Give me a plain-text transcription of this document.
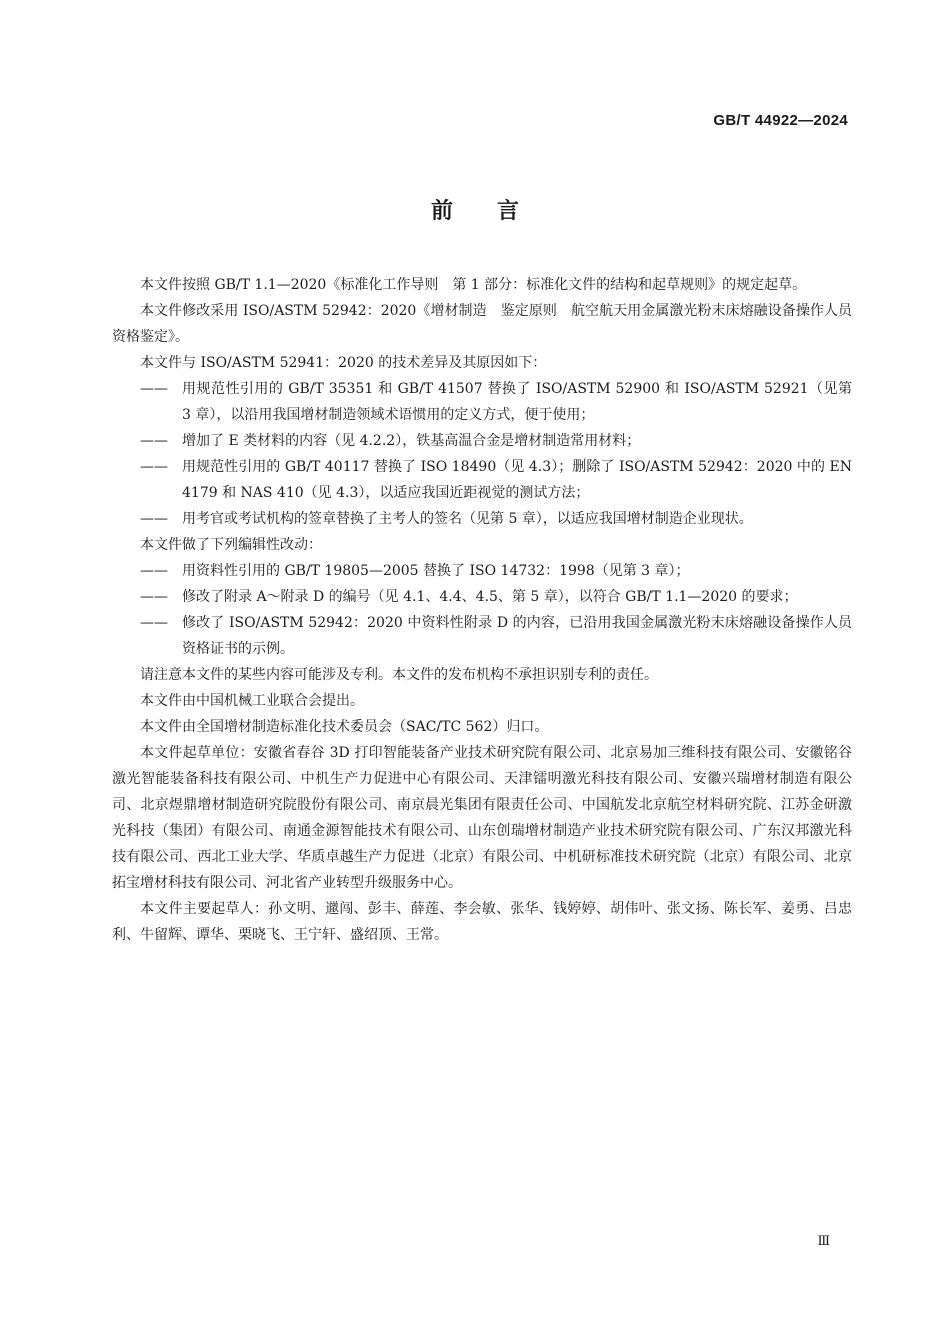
GB/T 44922—2024
前言

本文件按照 GB/T 1.1—2020《标准化工作导则　第 1 部分：标准化文件的结构和起草规则》的规定起草。

本文件修改采用 ISO/ASTM 52942：2020《增材制造　鉴定原则　航空航天用金属激光粉末床熔融设备操作人员资格鉴定》。

本文件与 ISO/ASTM 52941：2020 的技术差异及其原因如下：

——	用规范性引用的 GB/T 35351 和 GB/T 41507 替换了 ISO/ASTM 52900 和 ISO/ASTM 52921（见第 3 章），以沿用我国增材制造领域术语惯用的定义方式，便于使用；
——	增加了 E 类材料的内容（见 4.2.2），铁基高温合金是增材制造常用材料；
——	用规范性引用的 GB/T 40117 替换了 ISO 18490（见 4.3）；删除了 ISO/ASTM 52942：2020 中的 EN 4179 和 NAS 410（见 4.3），以适应我国近距视觉的测试方法；
——	用考官或考试机构的签章替换了主考人的签名（见第 5 章），以适应我国增材制造企业现状。

本文件做了下列编辑性改动：

——	用资料性引用的 GB/T 19805—2005 替换了 ISO 14732：1998（见第 3 章）；
——	修改了附录 A～附录 D 的编号（见 4.1、4.4、4.5、第 5 章），以符合 GB/T 1.1—2020 的要求；
——	修改了 ISO/ASTM 52942：2020 中资料性附录 D 的内容，已沿用我国金属激光粉末床熔融设备操作人员资格证书的示例。

请注意本文件的某些内容可能涉及专利。本文件的发布机构不承担识别专利的责任。

本文件由中国机械工业联合会提出。

本文件由全国增材制造标准化技术委员会（SAC/TC 562）归口。

本文件起草单位：安徽省春谷 3D 打印智能装备产业技术研究院有限公司、北京易加三维科技有限公司、安徽铭谷激光智能装备科技有限公司、中机生产力促进中心有限公司、天津镭明激光科技有限公司、安徽兴瑞增材制造有限公司、北京煜鼎增材制造研究院股份有限公司、南京晨光集团有限责任公司、中国航发北京航空材料研究院、江苏金研激光科技（集团）有限公司、南通金源智能技术有限公司、山东创瑞增材制造产业技术研究院有限公司、广东汉邦激光科技有限公司、西北工业大学、华质卓越生产力促进（北京）有限公司、中机研标准技术研究院（北京）有限公司、北京拓宝增材科技有限公司、河北省产业转型升级服务中心。

本文件主要起草人：孙文明、邋闯、彭丰、薛莲、李会敏、张华、钱婷婷、胡伟叶、张文扬、陈长军、姜勇、吕忠利、牛留辉、谭华、栗晓飞、王宁轩、盛绍顶、王常。

Ⅲ
